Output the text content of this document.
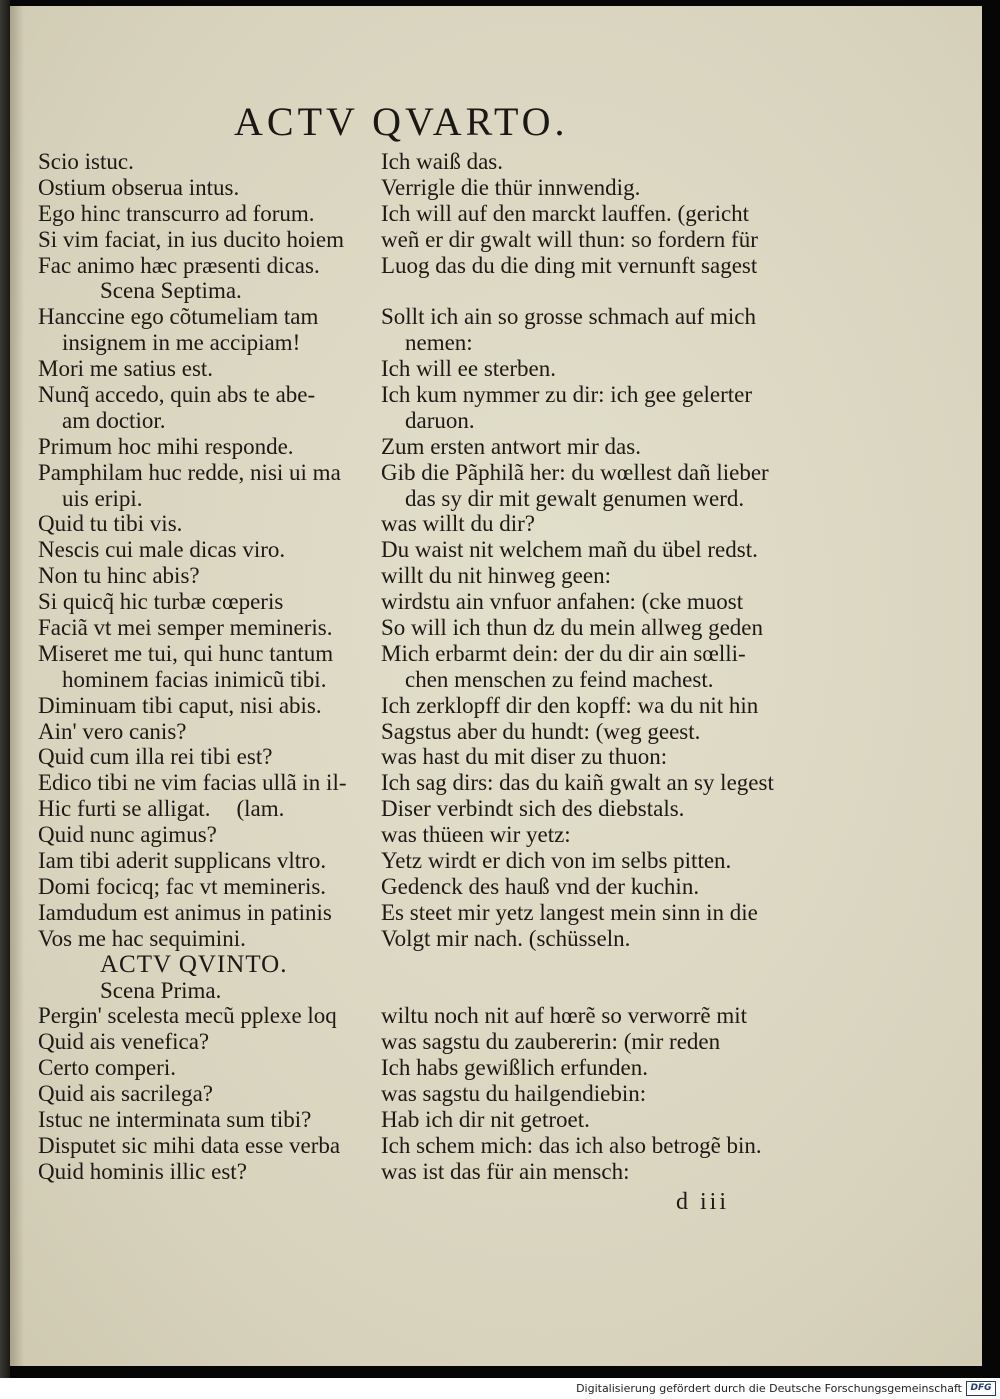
ACTV QVARTO.
Scio istuc.
Ostium obserua intus.
Ego hinc transcurro ad forum.
Si vim faciat, in ius ducito hoiem
Fac animo hæc præsenti dicas.
Scena Septima.
Hanccine ego cõtumeliam tam
insignem in me accipiam!
Mori me satius est.
Nunq̃ accedo, quin abs te abe-
am doctior.
Primum hoc mihi responde.
Pamphilam huc redde, nisi ui ma
uis eripi.
Quid tu tibi vis.
Nescis cui male dicas viro.
Non tu hinc abis?
Si quicq̃ hic turbæ cœperis
Faciã vt mei semper memineris.
Miseret me tui, qui hunc tantum
hominem facias inimicũ tibi.
Diminuam tibi caput, nisi abis.
Ain' vero canis?
Quid cum illa rei tibi est?
Edico tibi ne vim facias ullã in il-
Hic furti se alligat. (lam.
Quid nunc agimus?
Iam tibi aderit supplicans vltro.
Domi focicq; fac vt memineris.
Iamdudum est animus in patinis
Vos me hac sequimini.
ACTV QVINTO.
Scena Prima.
Pergin' scelesta mecũ pplexe loq
Quid ais venefica?
Certo comperi.
Quid ais sacrilega?
Istuc ne interminata sum tibi?
Disputet sic mihi data esse verba
Quid hominis illic est?
Ich waiß das.
Verrigle die thür innwendig.
Ich will auf den marckt lauffen. (gericht
weñ er dir gwalt will thun: so fordern für
Luog das du die ding mit vernunft sagest
Sollt ich ain so grosse schmach auf mich
nemen:
Ich will ee sterben.
Ich kum nymmer zu dir: ich gee gelerter
daruon.
Zum ersten antwort mir das.
Gib die Pãphilã her: du wœllest dañ lieber
das sy dir mit gewalt genumen werd.
was willt du dir?
Du waist nit welchem mañ du übel redst.
willt du nit hinweg geen:
wirdstu ain vnfuor anfahen: (cke muost
So will ich thun dz du mein allweg geden
Mich erbarmt dein: der du dir ain sœlli-
chen menschen zu feind machest.
Ich zerklopff dir den kopff: wa du nit hin
Sagstus aber du hundt: (weg geest.
was hast du mit diser zu thuon:
Ich sag dirs: das du kaiñ gwalt an sy legest
Diser verbindt sich des diebstals.
was thüeen wir yetz:
Yetz wirdt er dich von im selbs pitten.
Gedenck des hauß vnd der kuchin.
Es steet mir yetz langest mein sinn in die
Volgt mir nach. (schüsseln.
wiltu noch nit auf hœrẽ so verworrẽ mit
was sagstu du zaubererin: (mir reden
Ich habs gewißlich erfunden.
was sagstu du hailgendiebin:
Hab ich dir nit getroet.
Ich schem mich: das ich also betrogẽ bin.
was ist das für ain mensch:
d iii
Digitalisierung gefördert durch die Deutsche Forschungsgemeinschaft DFG
